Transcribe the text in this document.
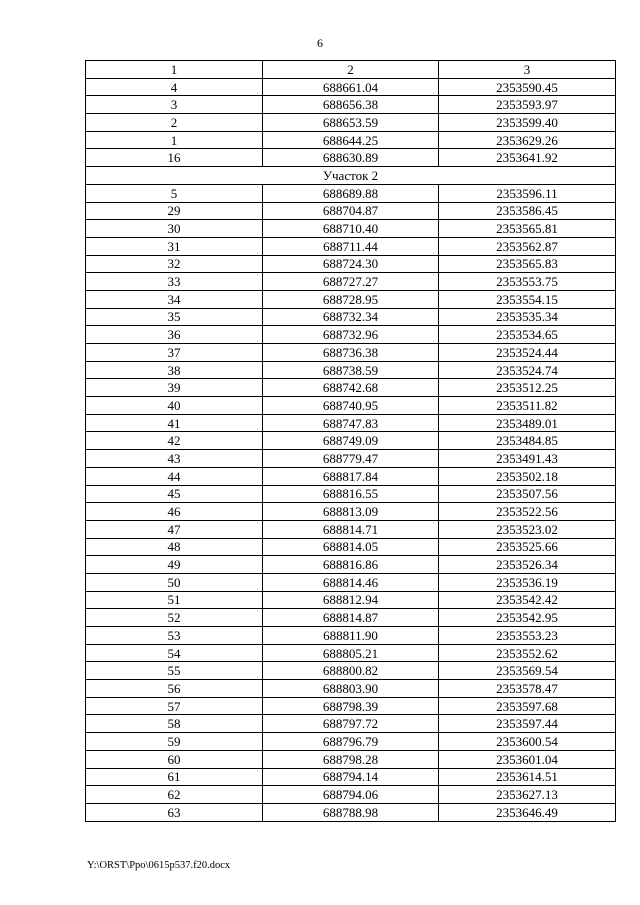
6
1	2	3
4	688661.04	2353590.45
3	688656.38	2353593.97
2	688653.59	2353599.40
1	688644.25	2353629.26
16	688630.89	2353641.92
Участок 2		
5	688689.88	2353596.11
29	688704.87	2353586.45
30	688710.40	2353565.81
31	688711.44	2353562.87
32	688724.30	2353565.83
33	688727.27	2353553.75
34	688728.95	2353554.15
35	688732.34	2353535.34
36	688732.96	2353534.65
37	688736.38	2353524.44
38	688738.59	2353524.74
39	688742.68	2353512.25
40	688740.95	2353511.82
41	688747.83	2353489.01
42	688749.09	2353484.85
43	688779.47	2353491.43
44	688817.84	2353502.18
45	688816.55	2353507.56
46	688813.09	2353522.56
47	688814.71	2353523.02
48	688814.05	2353525.66
49	688816.86	2353526.34
50	688814.46	2353536.19
51	688812.94	2353542.42
52	688814.87	2353542.95
53	688811.90	2353553.23
54	688805.21	2353552.62
55	688800.82	2353569.54
56	688803.90	2353578.47
57	688798.39	2353597.68
58	688797.72	2353597.44
59	688796.79	2353600.54
60	688798.28	2353601.04
61	688794.14	2353614.51
62	688794.06	2353627.13
63	688788.98	2353646.49
Y:\ORST\Ppo\0615p537.f20.docx
